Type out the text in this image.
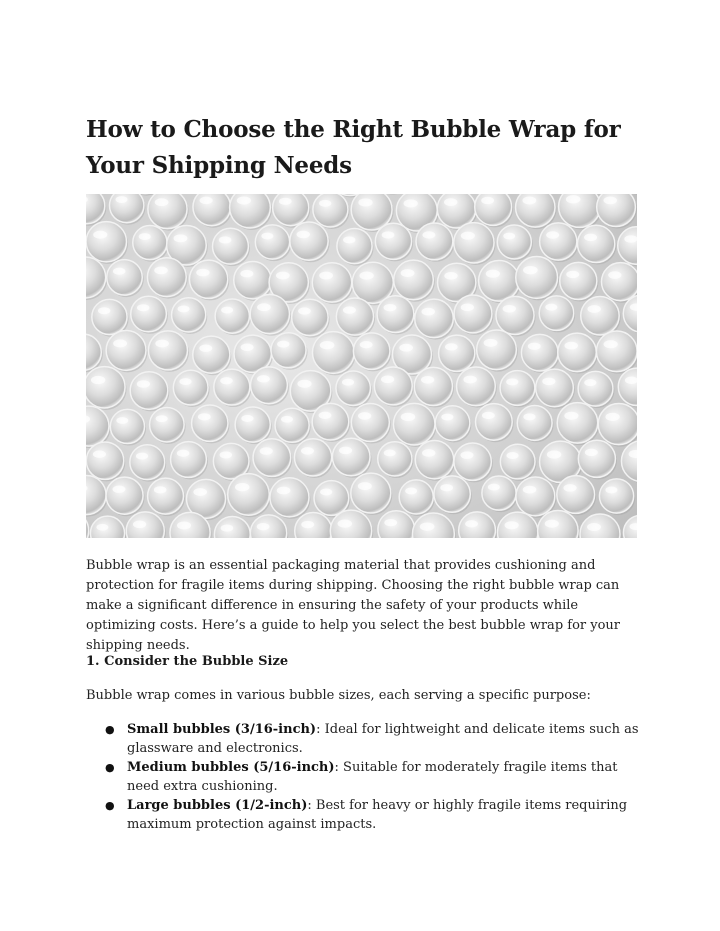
How to Choose the Right Bubble Wrap for Your Shipping Needs

Bubble wrap is an essential packaging material that provides cushioning and protection for fragile items during shipping. Choosing the right bubble wrap can make a significant difference in ensuring the safety of your products while optimizing costs. Here’s a guide to help you select the best bubble wrap for your shipping needs.

1. Consider the Bubble Size

Bubble wrap comes in various bubble sizes, each serving a specific purpose:

● Small bubbles (3/16-inch): Ideal for lightweight and delicate items such as glassware and electronics.
● Medium bubbles (5/16-inch): Suitable for moderately fragile items that need extra cushioning.
● Large bubbles (1/2-inch): Best for heavy or highly fragile items requiring maximum protection against impacts.
